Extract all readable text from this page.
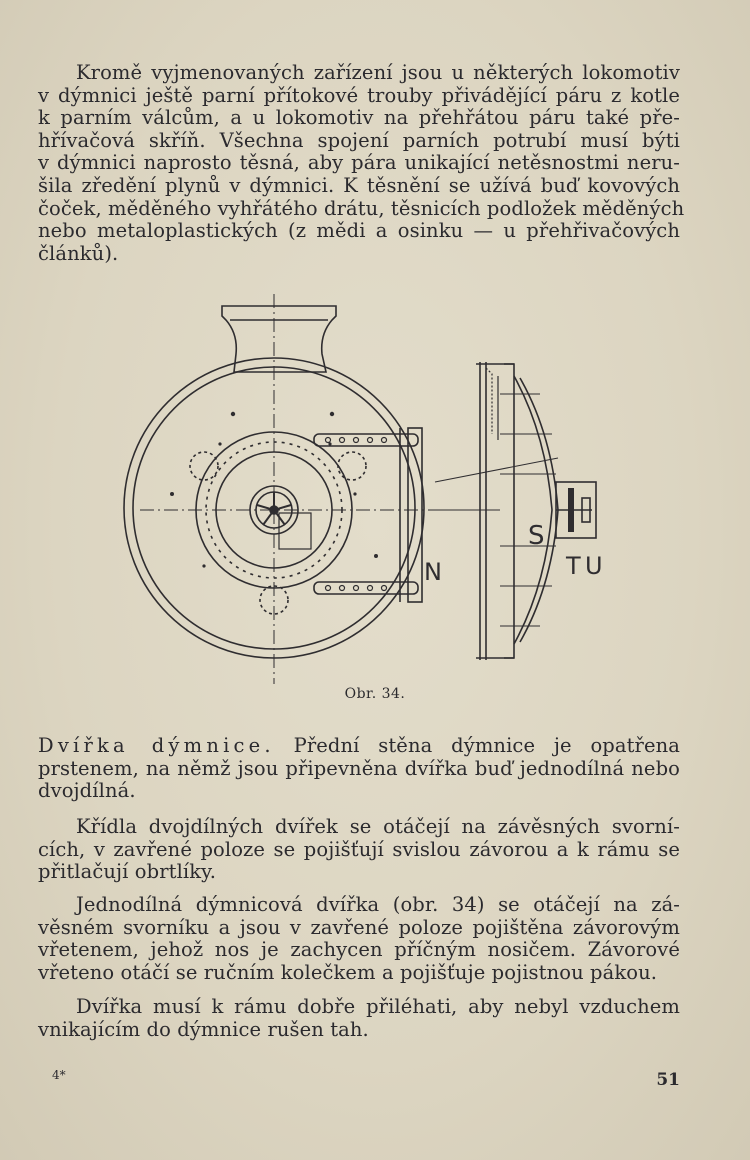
Kromě vyjmenovaných zařízení jsou u některých lokomotiv
v dýmnici ještě parní přítokové trouby přivádějící páru z kotle
k parním válcům, a u lokomotiv na přehřátou páru také pře-
hřívačová skříň. Všechna spojení parních potrubí musí býti
v dýmnici naprosto těsná, aby pára unikající netěsnostmi neru-
šila zředění plynů v dýmnici. K těsnění se užívá buď kovových
čoček, měděného vyhřátého drátu, těsnicích podložek měděných
nebo metaloplastických (z mědi a osinku — u přehřivačových
článků).

N
S
T U
Obr. 34.

Dvířka dýmnice. Přední stěna dýmnice je opatřena
prstenem, na němž jsou připevněna dvířka buď jednodílná nebo
dvojdílná.

Křídla dvojdílných dvířek se otáčejí na závěsných svorní-
cích, v zavřené poloze se pojišťují svislou závorou a k rámu se
přitlačují obrtlíky.

Jednodílná dýmnicová dvířka (obr. 34) se otáčejí na zá-
věsném svorníku a jsou v zavřené poloze pojištěna závorovým
vřetenem, jehož nos je zachycen příčným nosičem. Závorové
vřeteno otáčí se ručním kolečkem a pojišťuje pojistnou pákou.

Dvířka musí k rámu dobře přiléhati, aby nebyl vzduchem
vnikajícím do dýmnice rušen tah.

4*	51
